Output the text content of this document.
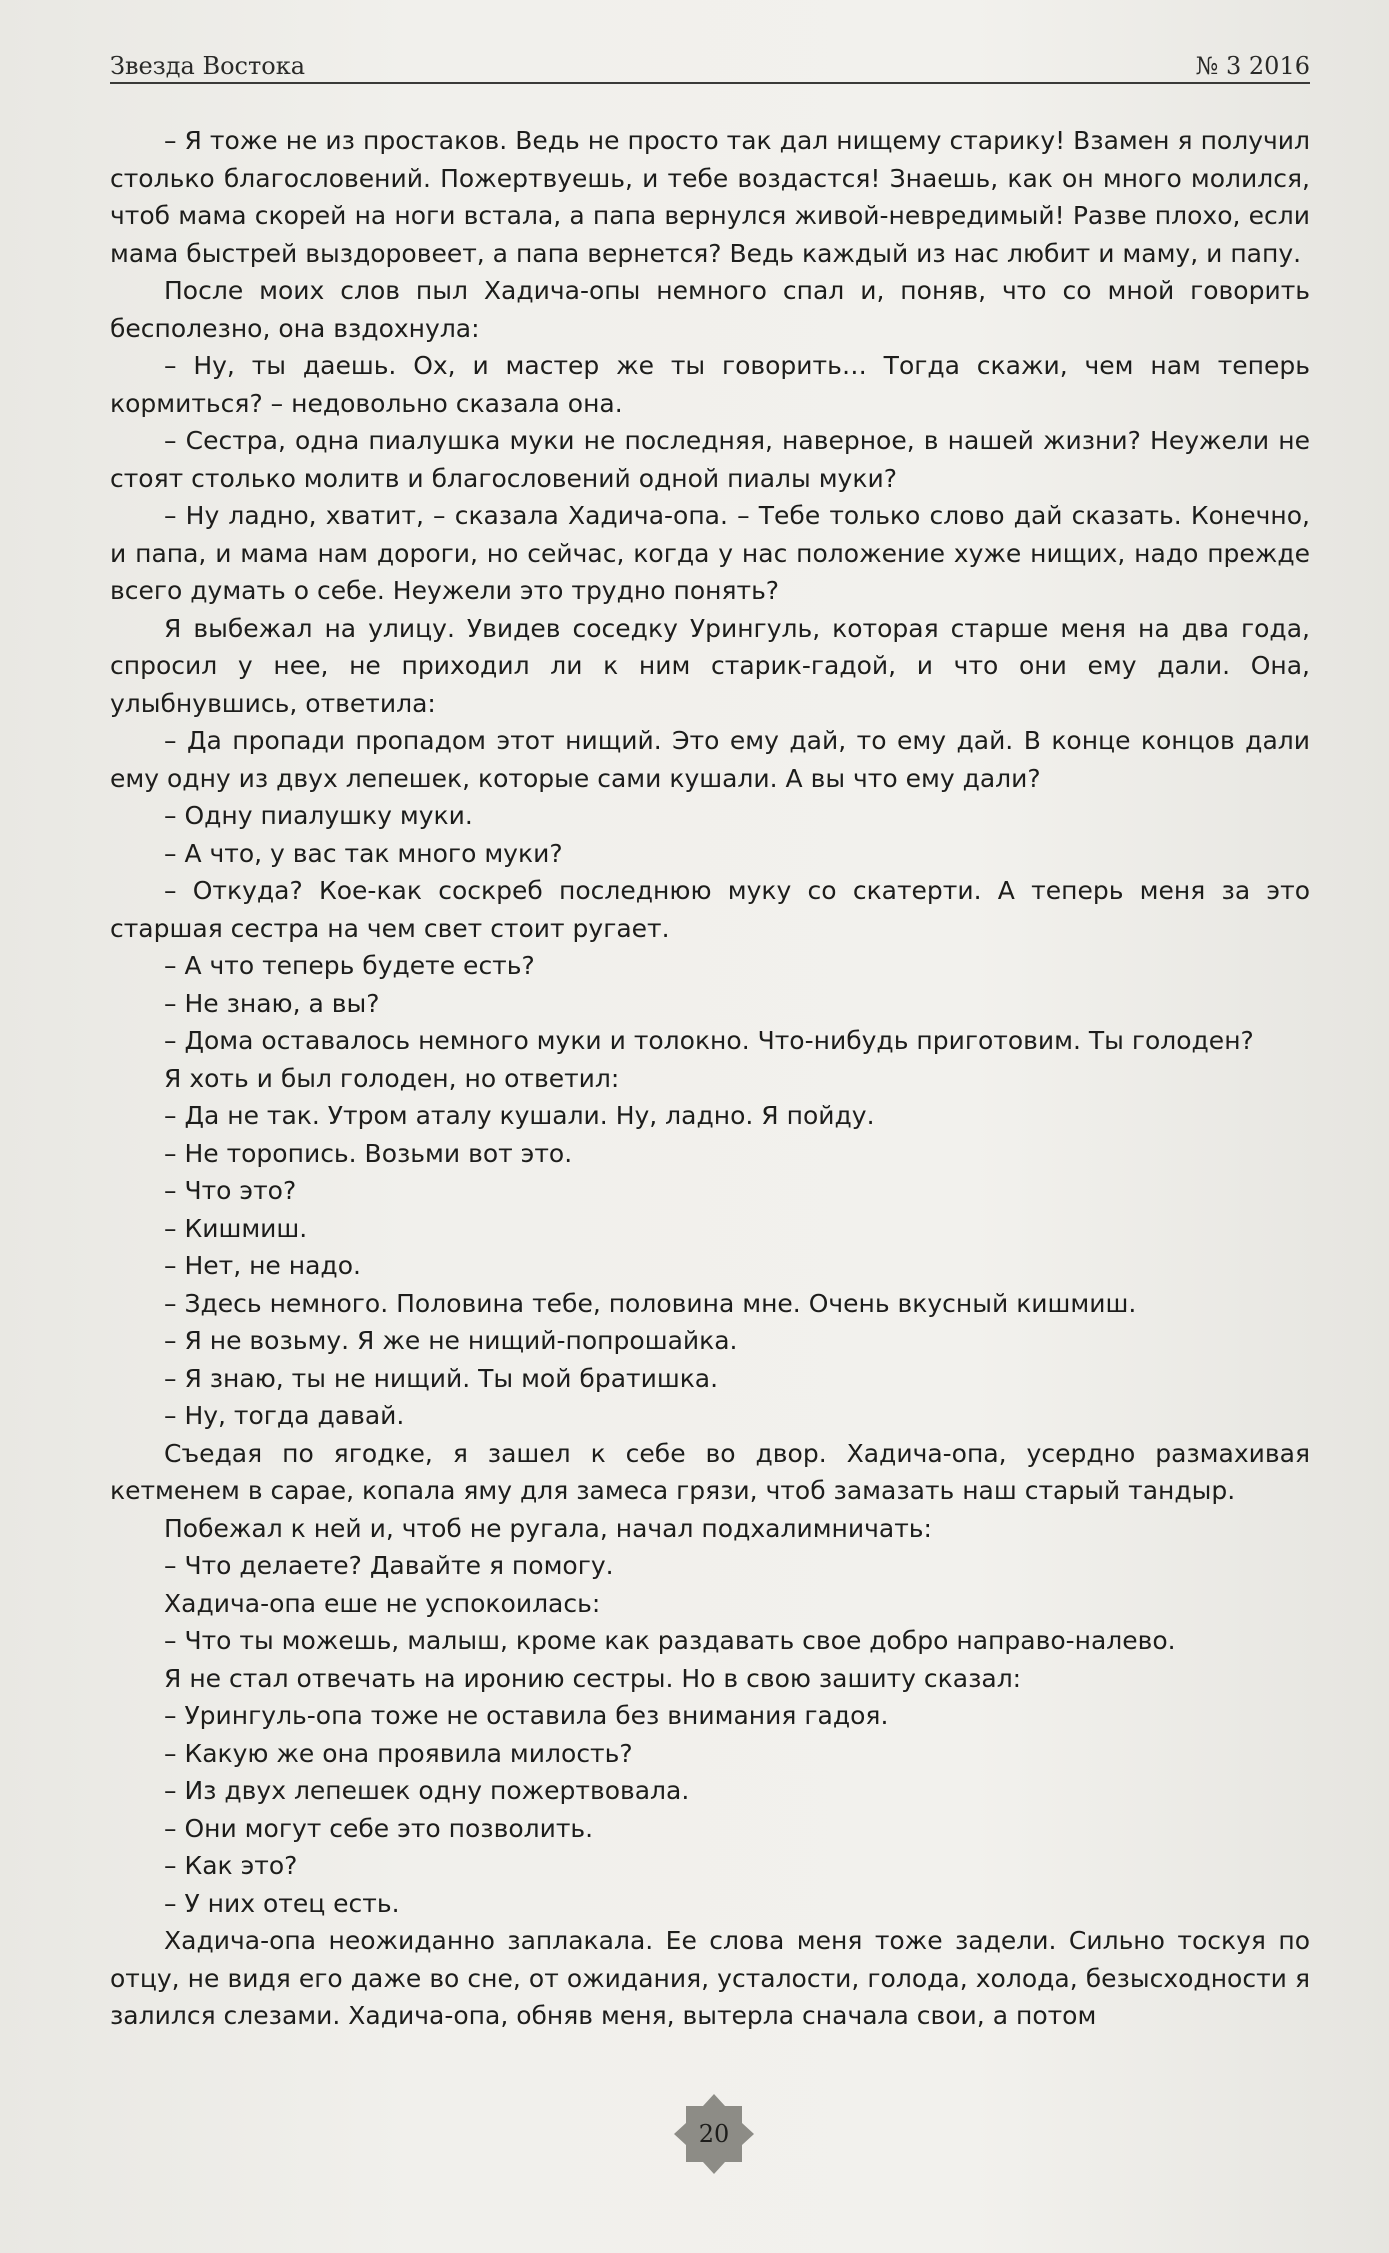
Звезда Востока	№ 3 2016

– Я тоже не из простаков. Ведь не просто так дал нищему старику! Взамен я получил столько благословений. Пожертвуешь, и тебе воздастся! Знаешь, как он много молился, чтоб мама скорей на ноги встала, а папа вернулся живой-невредимый! Разве плохо, если мама быстрей выздоровеет, а папа вернется? Ведь каждый из нас любит и маму, и папу.

После моих слов пыл Хадича-опы немного спал и, поняв, что со мной говорить бесполезно, она вздохнула:

– Ну, ты даешь. Ох, и мастер же ты говорить… Тогда скажи, чем нам теперь кормиться? – недовольно сказала она.

– Сестра, одна пиалушка муки не последняя, наверное, в нашей жизни? Неужели не стоят столько молитв и благословений одной пиалы муки?

– Ну ладно, хватит, – сказала Хадича-опа. – Тебе только слово дай сказать. Конечно, и папа, и мама нам дороги, но сейчас, когда у нас положение хуже нищих, надо прежде всего думать о себе. Неужели это трудно понять?

Я выбежал на улицу. Увидев соседку Урингуль, которая старше меня на два года, спросил у нее, не приходил ли к ним старик-гадой, и что они ему дали. Она, улыбнувшись, ответила:

– Да пропади пропадом этот нищий. Это ему дай, то ему дай. В конце концов дали ему одну из двух лепешек, которые сами кушали. А вы что ему дали?

– Одну пиалушку муки.

– А что, у вас так много муки?

– Откуда? Кое-как соскреб последнюю муку со скатерти. А теперь меня за это старшая сестра на чем свет стоит ругает.

– А что теперь будете есть?

– Не знаю, а вы?

– Дома оставалось немного муки и толокно. Что-нибудь приготовим. Ты голоден?

Я хоть и был голоден, но ответил:

– Да не так. Утром аталу кушали. Ну, ладно. Я пойду.

– Не торопись. Возьми вот это.

– Что это?

– Кишмиш.

– Нет, не надо.

– Здесь немного. Половина тебе, половина мне. Очень вкусный кишмиш.

– Я не возьму. Я же не нищий-попрошайка.

– Я знаю, ты не нищий. Ты мой братишка.

– Ну, тогда давай.

Съедая по ягодке, я зашел к себе во двор. Хадича-опа, усердно размахивая кетменем в сарае, копала яму для замеса грязи, чтоб замазать наш старый тандыр.

Побежал к ней и, чтоб не ругала, начал подхалимничать:

– Что делаете? Давайте я помогу.

Хадича-опа еше не успокоилась:

– Что ты можешь, малыш, кроме как раздавать свое добро направо-налево.

Я не стал отвечать на иронию сестры. Но в свою зашиту сказал:

– Урингуль-опа тоже не оставила без внимания гадоя.

– Какую же она проявила милость?

– Из двух лепешек одну пожертвовала.

– Они могут себе это позволить.

– Как это?

– У них отец есть.

Хадича-опа неожиданно заплакала. Ее слова меня тоже задели. Сильно тоскуя по отцу, не видя его даже во сне, от ожидания, усталости, голода, холода, безысходности я залился слезами. Хадича-опа, обняв меня, вытерла сначала свои, а потом

20
